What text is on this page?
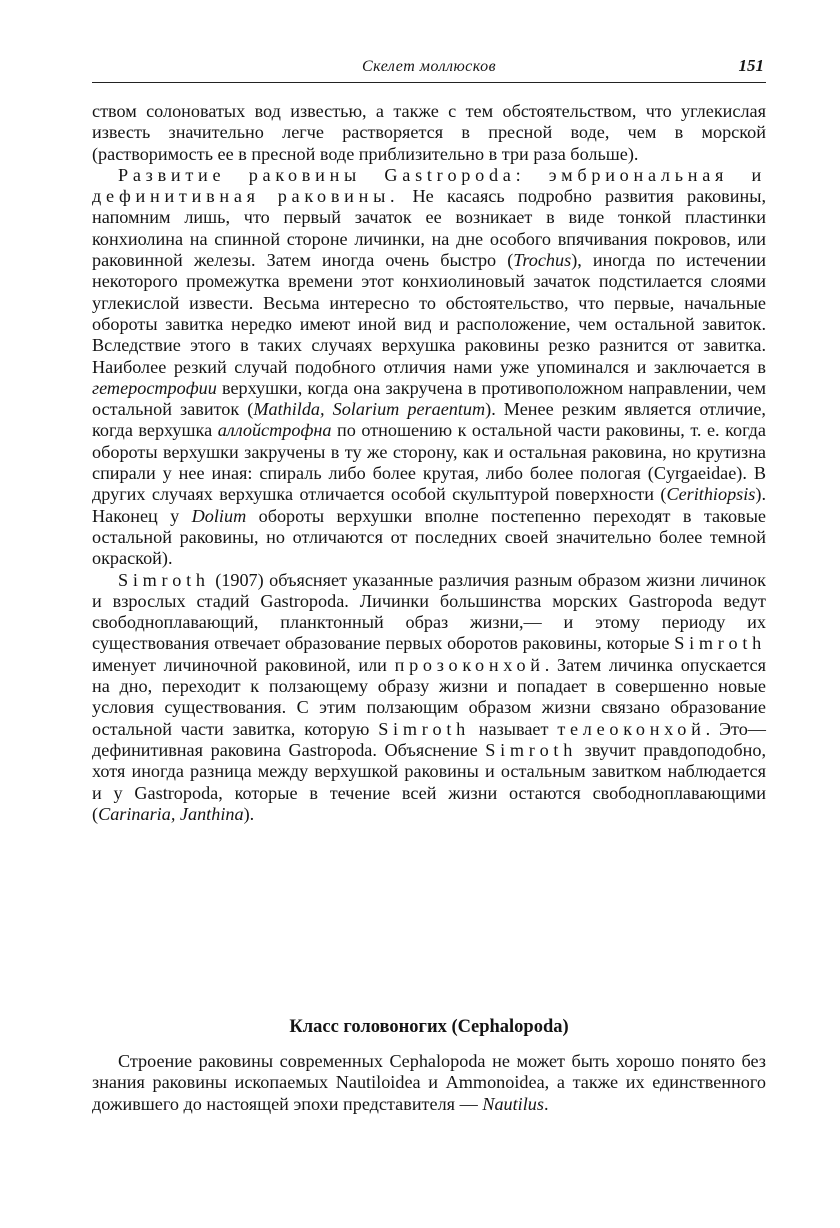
Скелет моллюсков	151

ством солоноватых вод известью, а также с тем обстоятельством, что углекислая известь значительно легче растворяется в пресной воде, чем в морской (растворимость ее в пресной воде приблизительно в три раза больше).

Развитие раковины Gastropoda: эмбриональная и дефинитивная раковины. Не касаясь подробно развития раковины, напомним лишь, что первый зачаток ее возникает в виде тонкой пластинки конхиолина на спинной стороне личинки, на дне особого впячивания покровов, или раковинной железы. Затем иногда очень быстро (Trochus), иногда по истечении некоторого промежутка времени этот конхиолиновый зачаток подстилается слоями углекислой извести. Весьма интересно то обстоятельство, что первые, начальные обороты завитка нередко имеют иной вид и расположение, чем остальной завиток. Вследствие этого в таких случаях верхушка раковины резко разнится от завитка. Наиболее резкий случай подобного отличия нами уже упоминался и заключается в гетерострофии верхушки, когда она закручена в противоположном направлении, чем остальной завиток (Mathilda, Solarium peraentum). Менее резким является отличие, когда верхушка аллойстрофна по отношению к остальной части раковины, т. е. когда обороты верхушки закручены в ту же сторону, как и остальная раковина, но крутизна спирали у нее иная: спираль либо более крутая, либо более пологая (Cyrgaeidae). В других случаях верхушка отличается особой скульптурой поверхности (Cerithiopsis). Наконец у Dolium обороты верхушки вполне постепенно переходят в таковые остальной раковины, но отличаются от последних своей значительно более темной окраской).

Simroth (1907) объясняет указанные различия разным образом жизни личинок и взрослых стадий Gastropoda. Личинки большинства морских Gastropoda ведут свободноплавающий, планктонный образ жизни,— и этому периоду их существования отвечает образование первых оборотов раковины, которые Simroth именует личиночной раковиной, или прозоконхой. Затем личинка опускается на дно, переходит к ползающему образу жизни и попадает в совершенно новые условия существования. С этим ползающим образом жизни связано образование остальной части завитка, которую Simroth называет телеоконхой. Это—дефинитивная раковина Gastropoda. Объяснение Simroth звучит правдоподобно, хотя иногда разница между верхушкой раковины и остальным завитком наблюдается и у Gastropoda, которые в течение всей жизни остаются свободноплавающими (Carinaria, Janthina).

Класс головоногих (Cephalopoda)

Строение раковины современных Cephalopoda не может быть хорошо понято без знания раковины ископаемых Nautiloidea и Ammonoidea, а также их единственного дожившего до настоящей эпохи представителя — Nautilus.
